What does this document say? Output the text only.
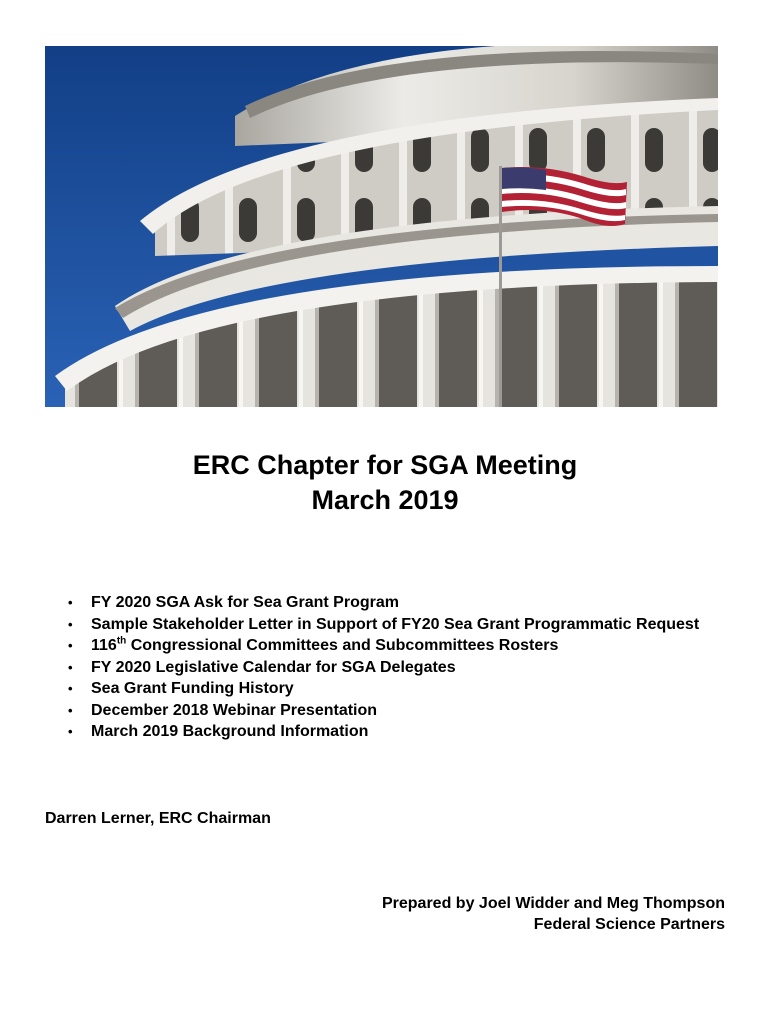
ERC Chapter for SGA Meeting

March 2019

• FY 2020 SGA Ask for Sea Grant Program
• Sample Stakeholder Letter in Support of FY20 Sea Grant Programmatic Request
• 116th Congressional Committees and Subcommittees Rosters
• FY 2020 Legislative Calendar for SGA Delegates
• Sea Grant Funding History
• December 2018 Webinar Presentation
• March 2019 Background Information

Darren Lerner, ERC Chairman

Prepared by Joel Widder and Meg Thompson

Federal Science Partners
